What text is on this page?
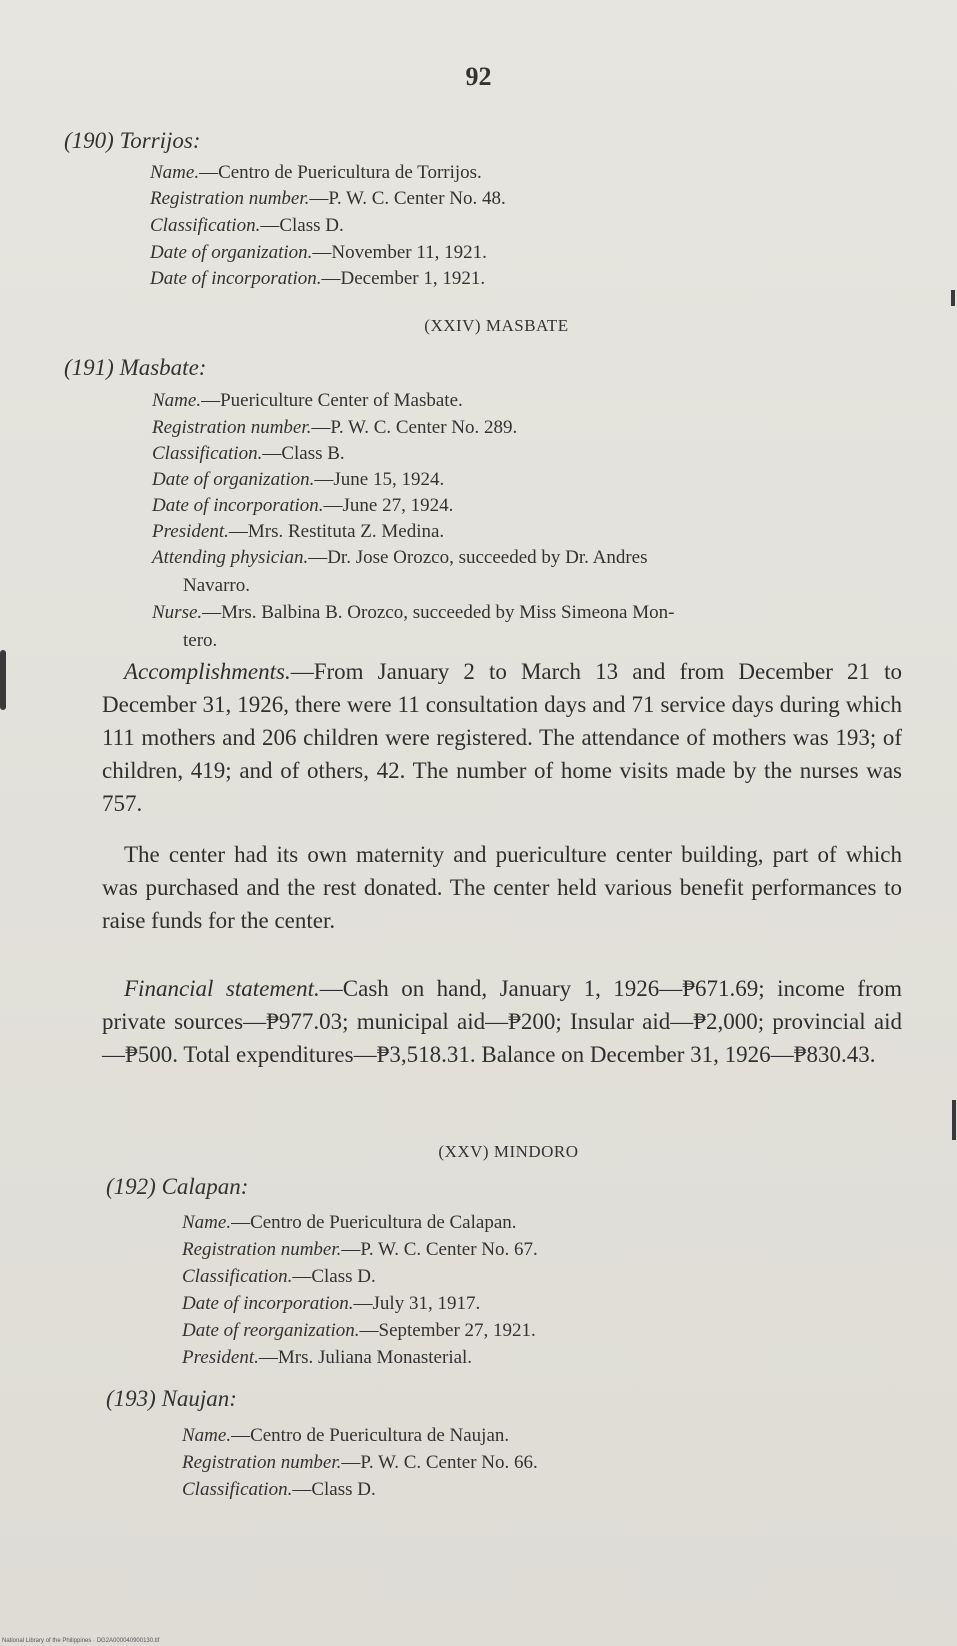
92
(190) Torrijos:
Name.—Centro de Puericultura de Torrijos.
Registration number.—P. W. C. Center No. 48.
Classification.—Class D.
Date of organization.—November 11, 1921.
Date of incorporation.—December 1, 1921.
(XXIV) MASBATE
(191) Masbate:
Name.—Puericulture Center of Masbate.
Registration number.—P. W. C. Center No. 289.
Classification.—Class B.
Date of organization.—June 15, 1924.
Date of incorporation.—June 27, 1924.
President.—Mrs. Restituta Z. Medina.
Attending physician.—Dr. Jose Orozco, succeeded by Dr. Andres
Navarro.
Nurse.—Mrs. Balbina B. Orozco, succeeded by Miss Simeona Mon-
tero.
Accomplishments.—From January 2 to March 13 and from December 21 to December 31, 1926, there were 11 consultation days and 71 service days during which 111 mothers and 206 children were registered. The attendance of mothers was 193; of children, 419; and of others, 42. The number of home visits made by the nurses was 757.
The center had its own maternity and puericulture center building, part of which was purchased and the rest donated. The center held various benefit performances to raise funds for the center.
Financial statement.—Cash on hand, January 1, 1926—₱671.69; income from private sources—₱977.03; municipal aid—₱200; Insular aid—₱2,000; provincial aid—₱500. Total expenditures—₱3,518.31. Balance on December 31, 1926—₱830.43.
(XXV) MINDORO
(192) Calapan:
Name.—Centro de Puericultura de Calapan.
Registration number.—P. W. C. Center No. 67.
Classification.—Class D.
Date of incorporation.—July 31, 1917.
Date of reorganization.—September 27, 1921.
President.—Mrs. Juliana Monasterial.
(193) Naujan:
Name.—Centro de Puericultura de Naujan.
Registration number.—P. W. C. Center No. 66.
Classification.—Class D.
National Library of the Philippines · DG2A000040900130.tif
